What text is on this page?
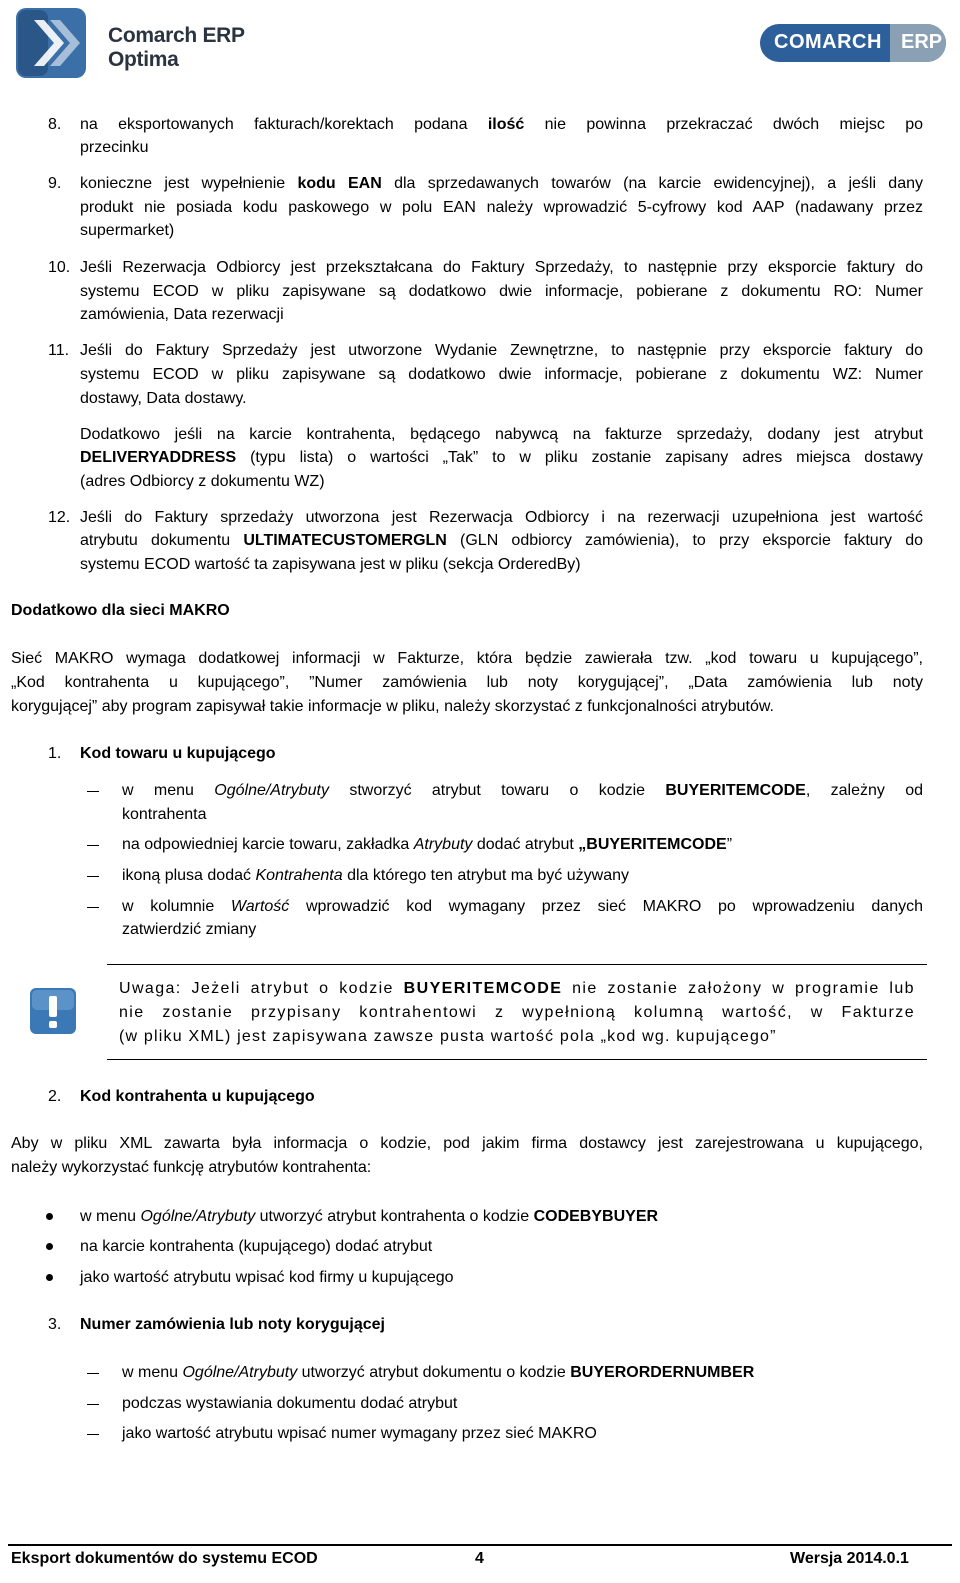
Comarch ERP
Optima
COMARCH ERP
8. na eksportowanych fakturach/korektach podana ilość nie powinna przekraczać dwóch miejsc po
przecinku
9. konieczne jest wypełnienie kodu EAN dla sprzedawanych towarów (na karcie ewidencyjnej), a jeśli dany
produkt nie posiada kodu paskowego w polu EAN należy wprowadzić 5-cyfrowy kod AAP (nadawany przez
supermarket)
10. Jeśli Rezerwacja Odbiorcy jest przekształcana do Faktury Sprzedaży, to następnie przy eksporcie faktury do
systemu ECOD w pliku zapisywane są dodatkowo dwie informacje, pobierane z dokumentu RO: Numer
zamówienia, Data rezerwacji
11. Jeśli do Faktury Sprzedaży jest utworzone Wydanie Zewnętrzne, to następnie przy eksporcie faktury do
systemu ECOD w pliku zapisywane są dodatkowo dwie informacje, pobierane z dokumentu WZ: Numer
dostawy, Data dostawy.
Dodatkowo jeśli na karcie kontrahenta, będącego nabywcą na fakturze sprzedaży, dodany jest atrybut
DELIVERYADDRESS (typu lista) o wartości „Tak” to w pliku zostanie zapisany adres miejsca dostawy
(adres Odbiorcy z dokumentu WZ)
12. Jeśli do Faktury sprzedaży utworzona jest Rezerwacja Odbiorcy i na rezerwacji uzupełniona jest wartość
atrybutu dokumentu ULTIMATECUSTOMERGLN (GLN odbiorcy zamówienia), to przy eksporcie faktury do
systemu ECOD wartość ta zapisywana jest w pliku (sekcja OrderedBy)
Dodatkowo dla sieci MAKRO
Sieć MAKRO wymaga dodatkowej informacji w Fakturze, która będzie zawierała tzw. „kod towaru u kupującego”,
„Kod kontrahenta u kupującego”, ”Numer zamówienia lub noty korygującej”, „Data zamówienia lub noty
korygującej” aby program zapisywał takie informacje w pliku, należy skorzystać z funkcjonalności atrybutów.
1. Kod towaru u kupującego
w menu Ogólne/Atrybuty stworzyć atrybut towaru o kodzie BUYERITEMCODE, zależny od
kontrahenta
na odpowiedniej karcie towaru, zakładka Atrybuty dodać atrybut „BUYERITEMCODE”
ikoną plusa dodać Kontrahenta dla którego ten atrybut ma być używany
w kolumnie Wartość wprowadzić kod wymagany przez sieć MAKRO po wprowadzeniu danych
zatwierdzić zmiany
Uwaga: Jeżeli atrybut o kodzie BUYERITEMCODE nie zostanie założony w programie lub
nie zostanie przypisany kontrahentowi z wypełnioną kolumną wartość, w Fakturze
(w pliku XML) jest zapisywana zawsze pusta wartość pola „kod wg. kupującego”
2. Kod kontrahenta u kupującego
Aby w pliku XML zawarta była informacja o kodzie, pod jakim firma dostawcy jest zarejestrowana u kupującego,
należy wykorzystać funkcję atrybutów kontrahenta:
w menu Ogólne/Atrybuty utworzyć atrybut kontrahenta o kodzie CODEBYBUYER
na karcie kontrahenta (kupującego) dodać atrybut
jako wartość atrybutu wpisać kod firmy u kupującego
3. Numer zamówienia lub noty korygującej
w menu Ogólne/Atrybuty utworzyć atrybut dokumentu o kodzie BUYERORDERNUMBER
podczas wystawiania dokumentu dodać atrybut
jako wartość atrybutu wpisać numer wymagany przez sieć MAKRO
Eksport dokumentów do systemu ECOD	4	Wersja 2014.0.1
